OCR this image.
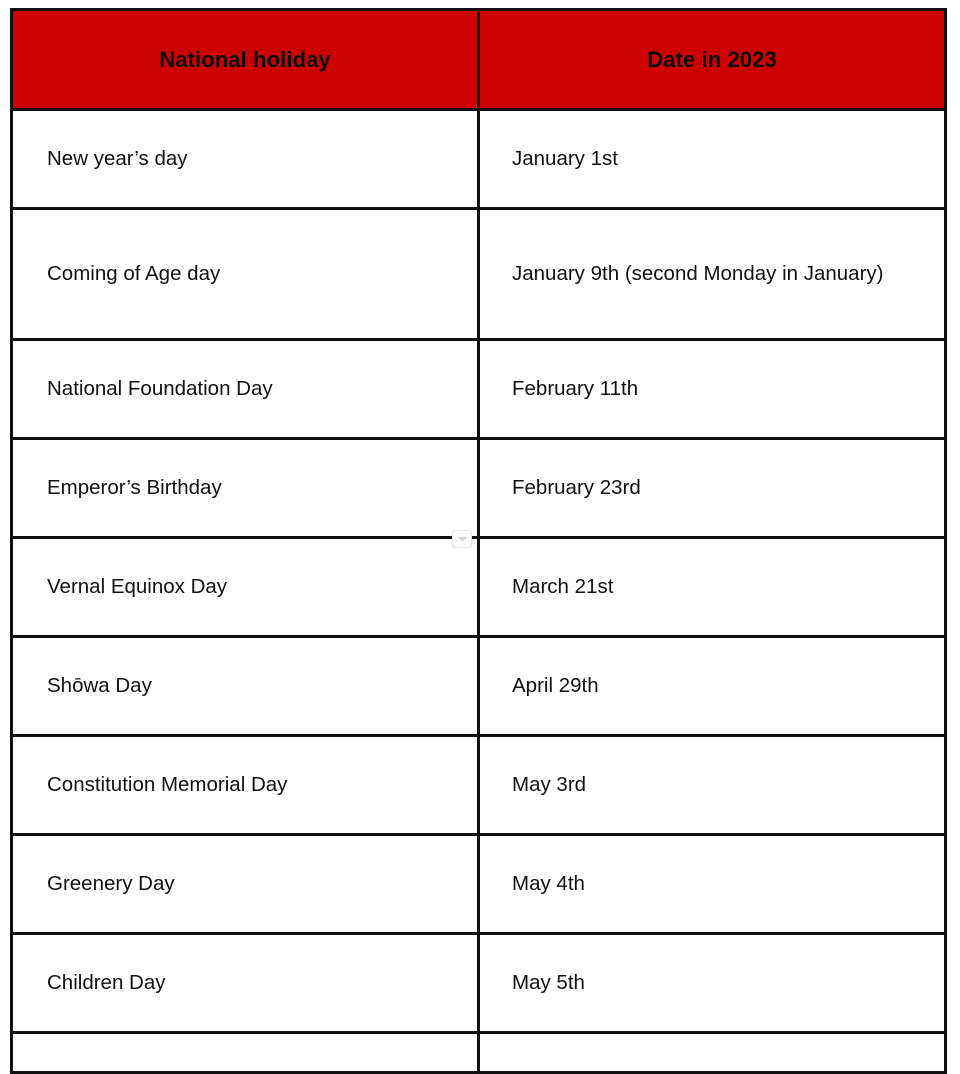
National holiday	Date in 2023

New year’s day	January 1st

Coming of Age day	January 9th (second Monday in January)

National Foundation Day	February 11th

Emperor’s Birthday	February 23rd

Vernal Equinox Day	March 21st

Shōwa Day	April 29th

Constitution Memorial Day	May 3rd

Greenery Day	May 4th

Children Day	May 5th
